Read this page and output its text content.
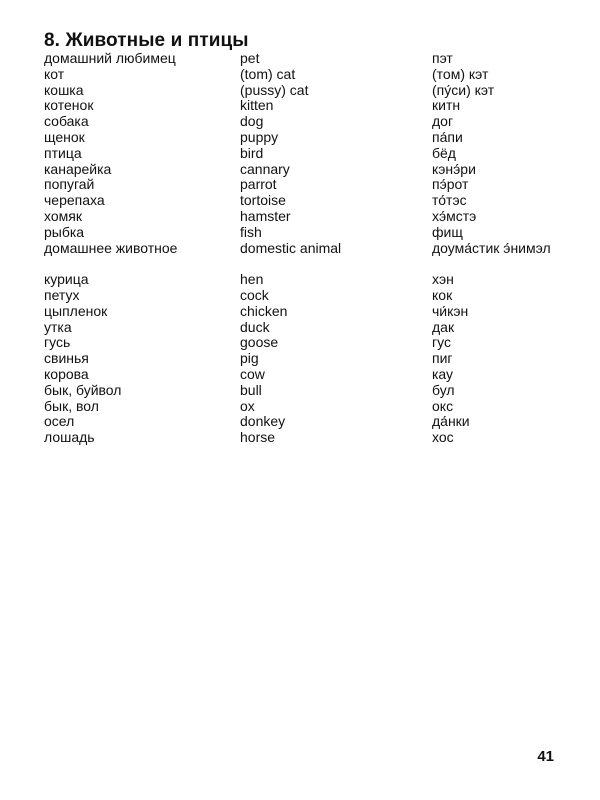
8. Животные и птицы
домашний любимец	pet	пэт
кот	(tom) cat	(том) кэт
кошка	(pussy) cat	(пу́си) кэт
котенок	kitten	китн
собака	dog	дог
щенок	puppy	па́пи
птица	bird	бёд
канарейка	cannary	кэнэ́ри
попугай	parrot	пэ́рот
черепаха	tortoise	то́тэс
хомяк	hamster	хэ́мстэ
рыбка	fish	фищ
домашнее животное	domestic animal	доума́стик э́нимэл
курица	hen	хэн
петух	cock	кок
цыпленок	chicken	чи́кэн
утка	duck	дак
гусь	goose	гус
свинья	pig	пиг
корова	cow	кау
бык, буйвол	bull	бул
бык, вол	ox	окс
осел	donkey	да́нки
лошадь	horse	хос
41
